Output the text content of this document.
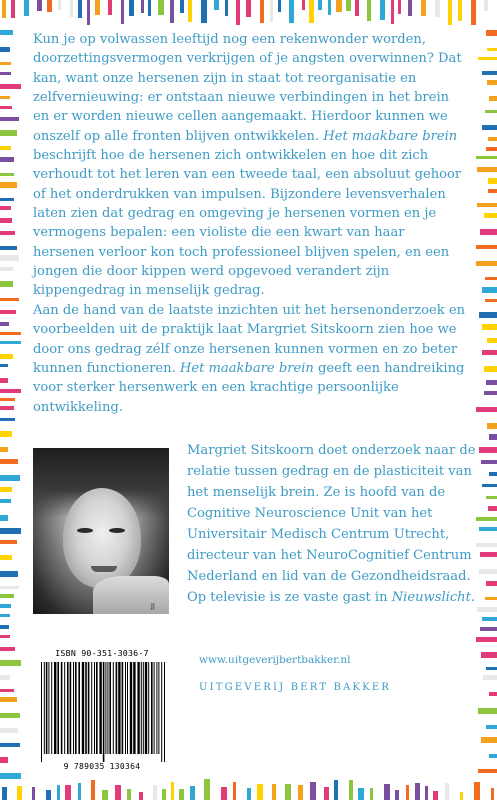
Kun je op volwassen leeftijd nog een rekenwonder worden, doorzettingsvermogen verkrijgen of je angsten overwinnen? Dat kan, want onze hersenen zijn in staat tot reorganisatie en zelfvernieuwing: er ontstaan nieuwe verbindingen in het brein en er worden nieuwe cellen aangemaakt. Hierdoor kunnen we onszelf op alle fronten blijven ontwikkelen. Het maakbare brein beschrijft hoe de hersenen zich ontwikkelen en hoe dit zich verhoudt tot het leren van een tweede taal, een absoluut gehoor of het onderdrukken van impulsen. Bijzondere levensverhalen laten zien dat gedrag en omgeving je hersenen vormen en je vermogens bepalen: een violiste die een kwart van haar hersenen verloor kon toch professioneel blijven spelen, en een jongen die door kippen werd opgevoed verandert zijn kippengedrag in menselijk gedrag.

Aan de hand van de laatste inzichten uit het hersenonderzoek en voorbeelden uit de praktijk laat Margriet Sitskoorn zien hoe we door ons gedrag zélf onze hersenen kunnen vormen en zo beter kunnen functioneren. Het maakbare brein geeft een handreiking voor sterker hersenwerk en een krachtige persoonlijke ontwikkeling.

JJ
Margriet Sitskoorn doet onderzoek naar de relatie tussen gedrag en de plasticiteit van het menselijk brein. Ze is hoofd van de Cognitive Neuroscience Unit van het Universitair Medisch Centrum Utrecht, directeur van het NeuroCognitief Centrum Nederland en lid van de Gezondheidsraad. Op televisie is ze vaste gast in Nieuwslicht.
ISBN 90-351-3036-7
9 789035 130364
www.uitgeverijbertbakker.nl
UITGEVERIJ BERT BAKKER
